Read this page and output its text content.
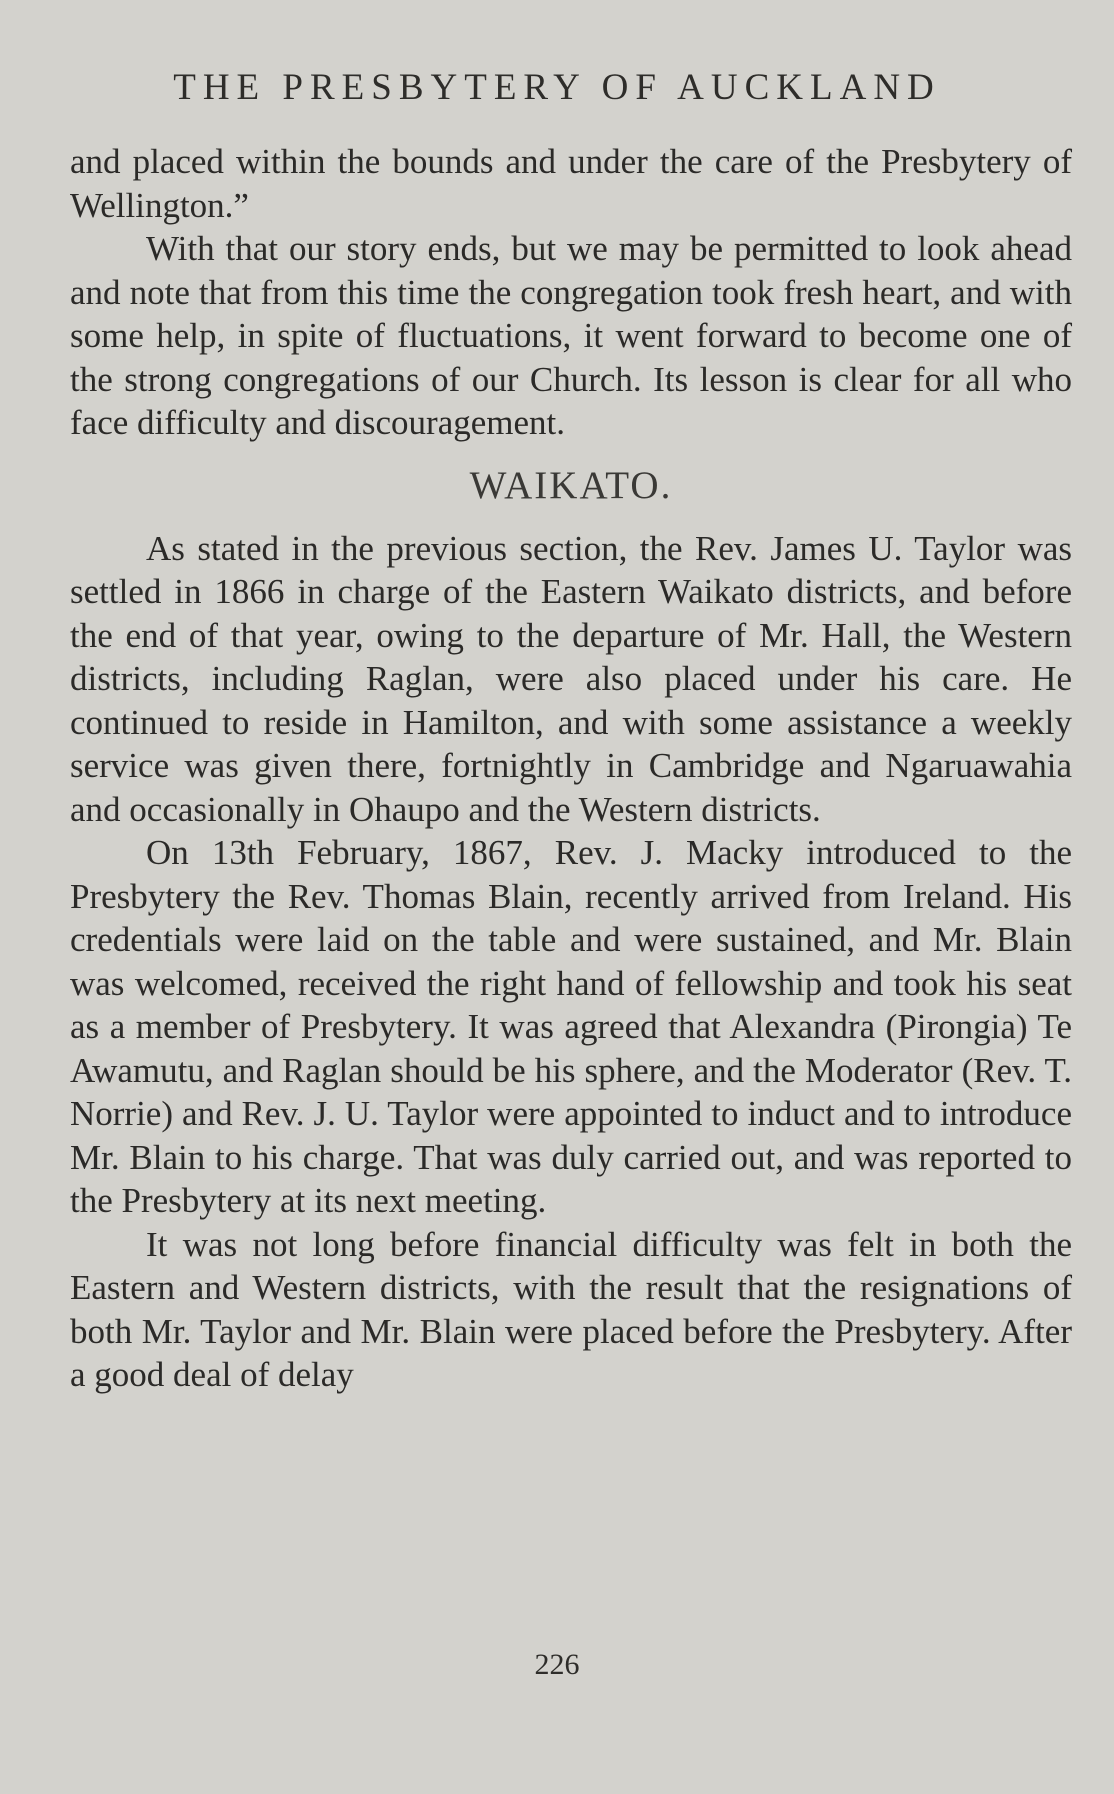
THE PRESBYTERY OF AUCKLAND

and placed within the bounds and under the care of the Presbytery of Wellington.”

With that our story ends, but we may be permitted to look ahead and note that from this time the congregation took fresh heart, and with some help, in spite of fluctuations, it went forward to become one of the strong congregations of our Church. Its lesson is clear for all who face difficulty and discouragement.

WAIKATO.

As stated in the previous section, the Rev. James U. Taylor was settled in 1866 in charge of the Eastern Waikato districts, and before the end of that year, owing to the departure of Mr. Hall, the Western districts, including Raglan, were also placed under his care. He continued to reside in Hamilton, and with some assistance a weekly service was given there, fortnightly in Cambridge and Ngaruawahia and occasionally in Ohaupo and the Western districts.

On 13th February, 1867, Rev. J. Macky introduced to the Presbytery the Rev. Thomas Blain, recently arrived from Ireland. His credentials were laid on the table and were sustained, and Mr. Blain was welcomed, received the right hand of fellowship and took his seat as a member of Presbytery. It was agreed that Alexandra (Pirongia) Te Awamutu, and Raglan should be his sphere, and the Moderator (Rev. T. Norrie) and Rev. J. U. Taylor were appointed to induct and to introduce Mr. Blain to his charge. That was duly carried out, and was reported to the Presbytery at its next meeting.

It was not long before financial difficulty was felt in both the Eastern and Western districts, with the result that the resignations of both Mr. Taylor and Mr. Blain were placed before the Presbytery. After a good deal of delay

226
